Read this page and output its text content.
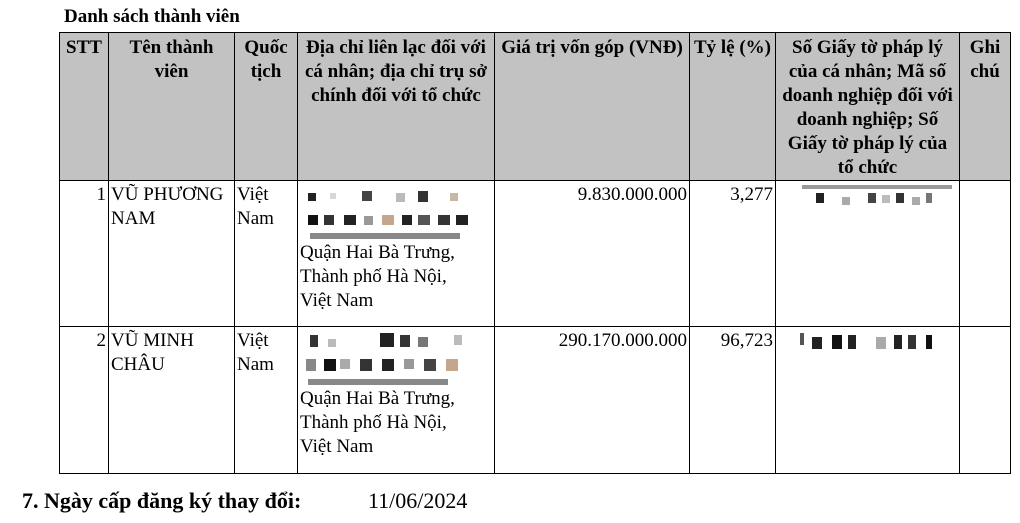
Danh sách thành viên
STT	Tên thành viên	Quốc tịch	Địa chỉ liên lạc đối với cá nhân; địa chỉ trụ sở chính đối với tổ chức	Giá trị vốn góp (VNĐ)	Tỷ lệ (%)	Số Giấy tờ pháp lý của cá nhân; Mã số doanh nghiệp đối với doanh nghiệp; Số Giấy tờ pháp lý của tổ chức	Ghi chú
1	VŨ PHƯƠNG NAM	Việt Nam	Quận Hai Bà Trưng,
Thành phố Hà Nội,
Việt Nam	9.830.000.000	3,277	

2	VŨ MINH CHÂU	Việt Nam	Quận Hai Bà Trưng,
Thành phố Hà Nội,
Việt Nam	290.170.000.000	96,723	

7. Ngày cấp đăng ký thay đổi:	11/06/2024
